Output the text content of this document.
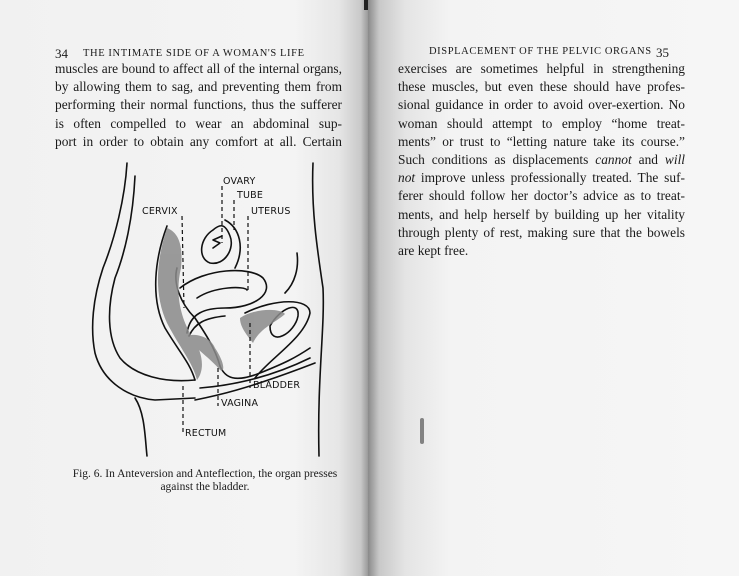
34 THE INTIMATE SIDE OF A WOMAN'S LIFE
muscles are bound to affect all of the internal organs,
by allowing them to sag, and preventing them from
performing their normal functions, thus the sufferer
is often compelled to wear an abdominal sup-
port in order to obtain any comfort at all. Certain
OVARY
TUBE
UTERUS
CERVIX
BLADDER
VAGINA
RECTUM
Fig. 6. In Anteversion and Anteflection, the organ presses
against the bladder.
DISPLACEMENT OF THE PELVIC ORGANS 35
exercises are sometimes helpful in strengthening
these muscles, but even these should have profes-
sional guidance in order to avoid over-exertion. No
woman should attempt to employ “home treat-
ments” or trust to “letting nature take its course.”
Such conditions as displacements cannot and will
not improve unless professionally treated. The suf-
ferer should follow her doctor’s advice as to treat-
ments, and help herself by building up her vitality
through plenty of rest, making sure that the bowels
are kept free.
